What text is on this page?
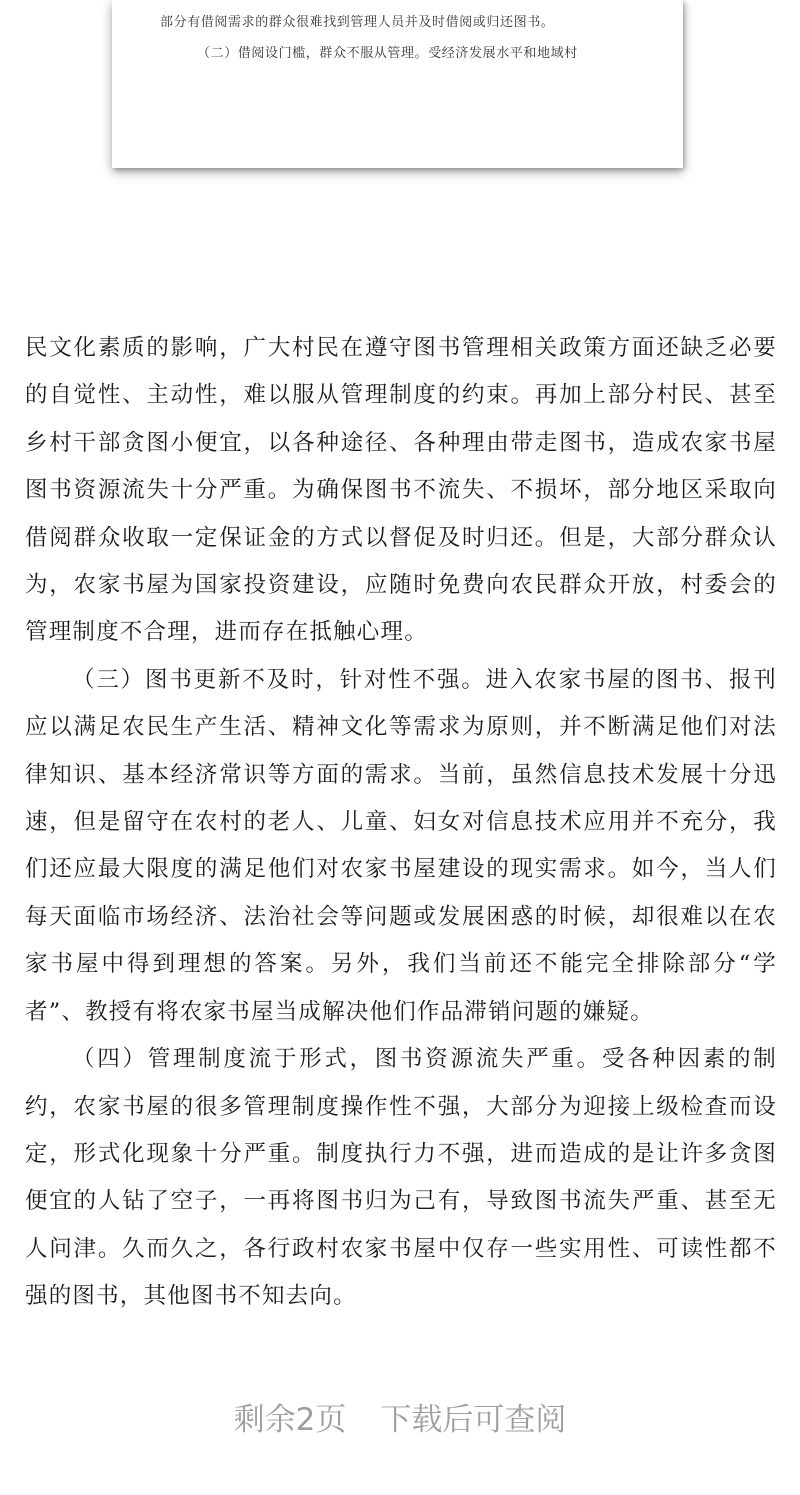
部分有借阅需求的群众很难找到管理人员并及时借阅或归还图书。
（二）借阅设门槛，群众不服从管理。受经济发展水平和地域村

民文化素质的影响，广大村民在遵守图书管理相关政策方面还缺乏必要的自觉性、主动性，难以服从管理制度的约束。再加上部分村民、甚至乡村干部贪图小便宜，以各种途径、各种理由带走图书，造成农家书屋图书资源流失十分严重。为确保图书不流失、不损坏，部分地区采取向借阅群众收取一定保证金的方式以督促及时归还。但是，大部分群众认为，农家书屋为国家投资建设，应随时免费向农民群众开放，村委会的管理制度不合理，进而存在抵触心理。

（三）图书更新不及时，针对性不强。进入农家书屋的图书、报刊应以满足农民生产生活、精神文化等需求为原则，并不断满足他们对法律知识、基本经济常识等方面的需求。当前，虽然信息技术发展十分迅速，但是留守在农村的老人、儿童、妇女对信息技术应用并不充分，我们还应最大限度的满足他们对农家书屋建设的现实需求。如今，当人们每天面临市场经济、法治社会等问题或发展困惑的时候，却很难以在农家书屋中得到理想的答案。另外，我们当前还不能完全排除部分“学者”、教授有将农家书屋当成解决他们作品滞销问题的嫌疑。

（四）管理制度流于形式，图书资源流失严重。受各种因素的制约，农家书屋的很多管理制度操作性不强，大部分为迎接上级检查而设定，形式化现象十分严重。制度执行力不强，进而造成的是让许多贪图便宜的人钻了空子，一再将图书归为己有，导致图书流失严重、甚至无人问津。久而久之，各行政村农家书屋中仅存一些实用性、可读性都不强的图书，其他图书不知去向。

剩余2页 下载后可查阅
